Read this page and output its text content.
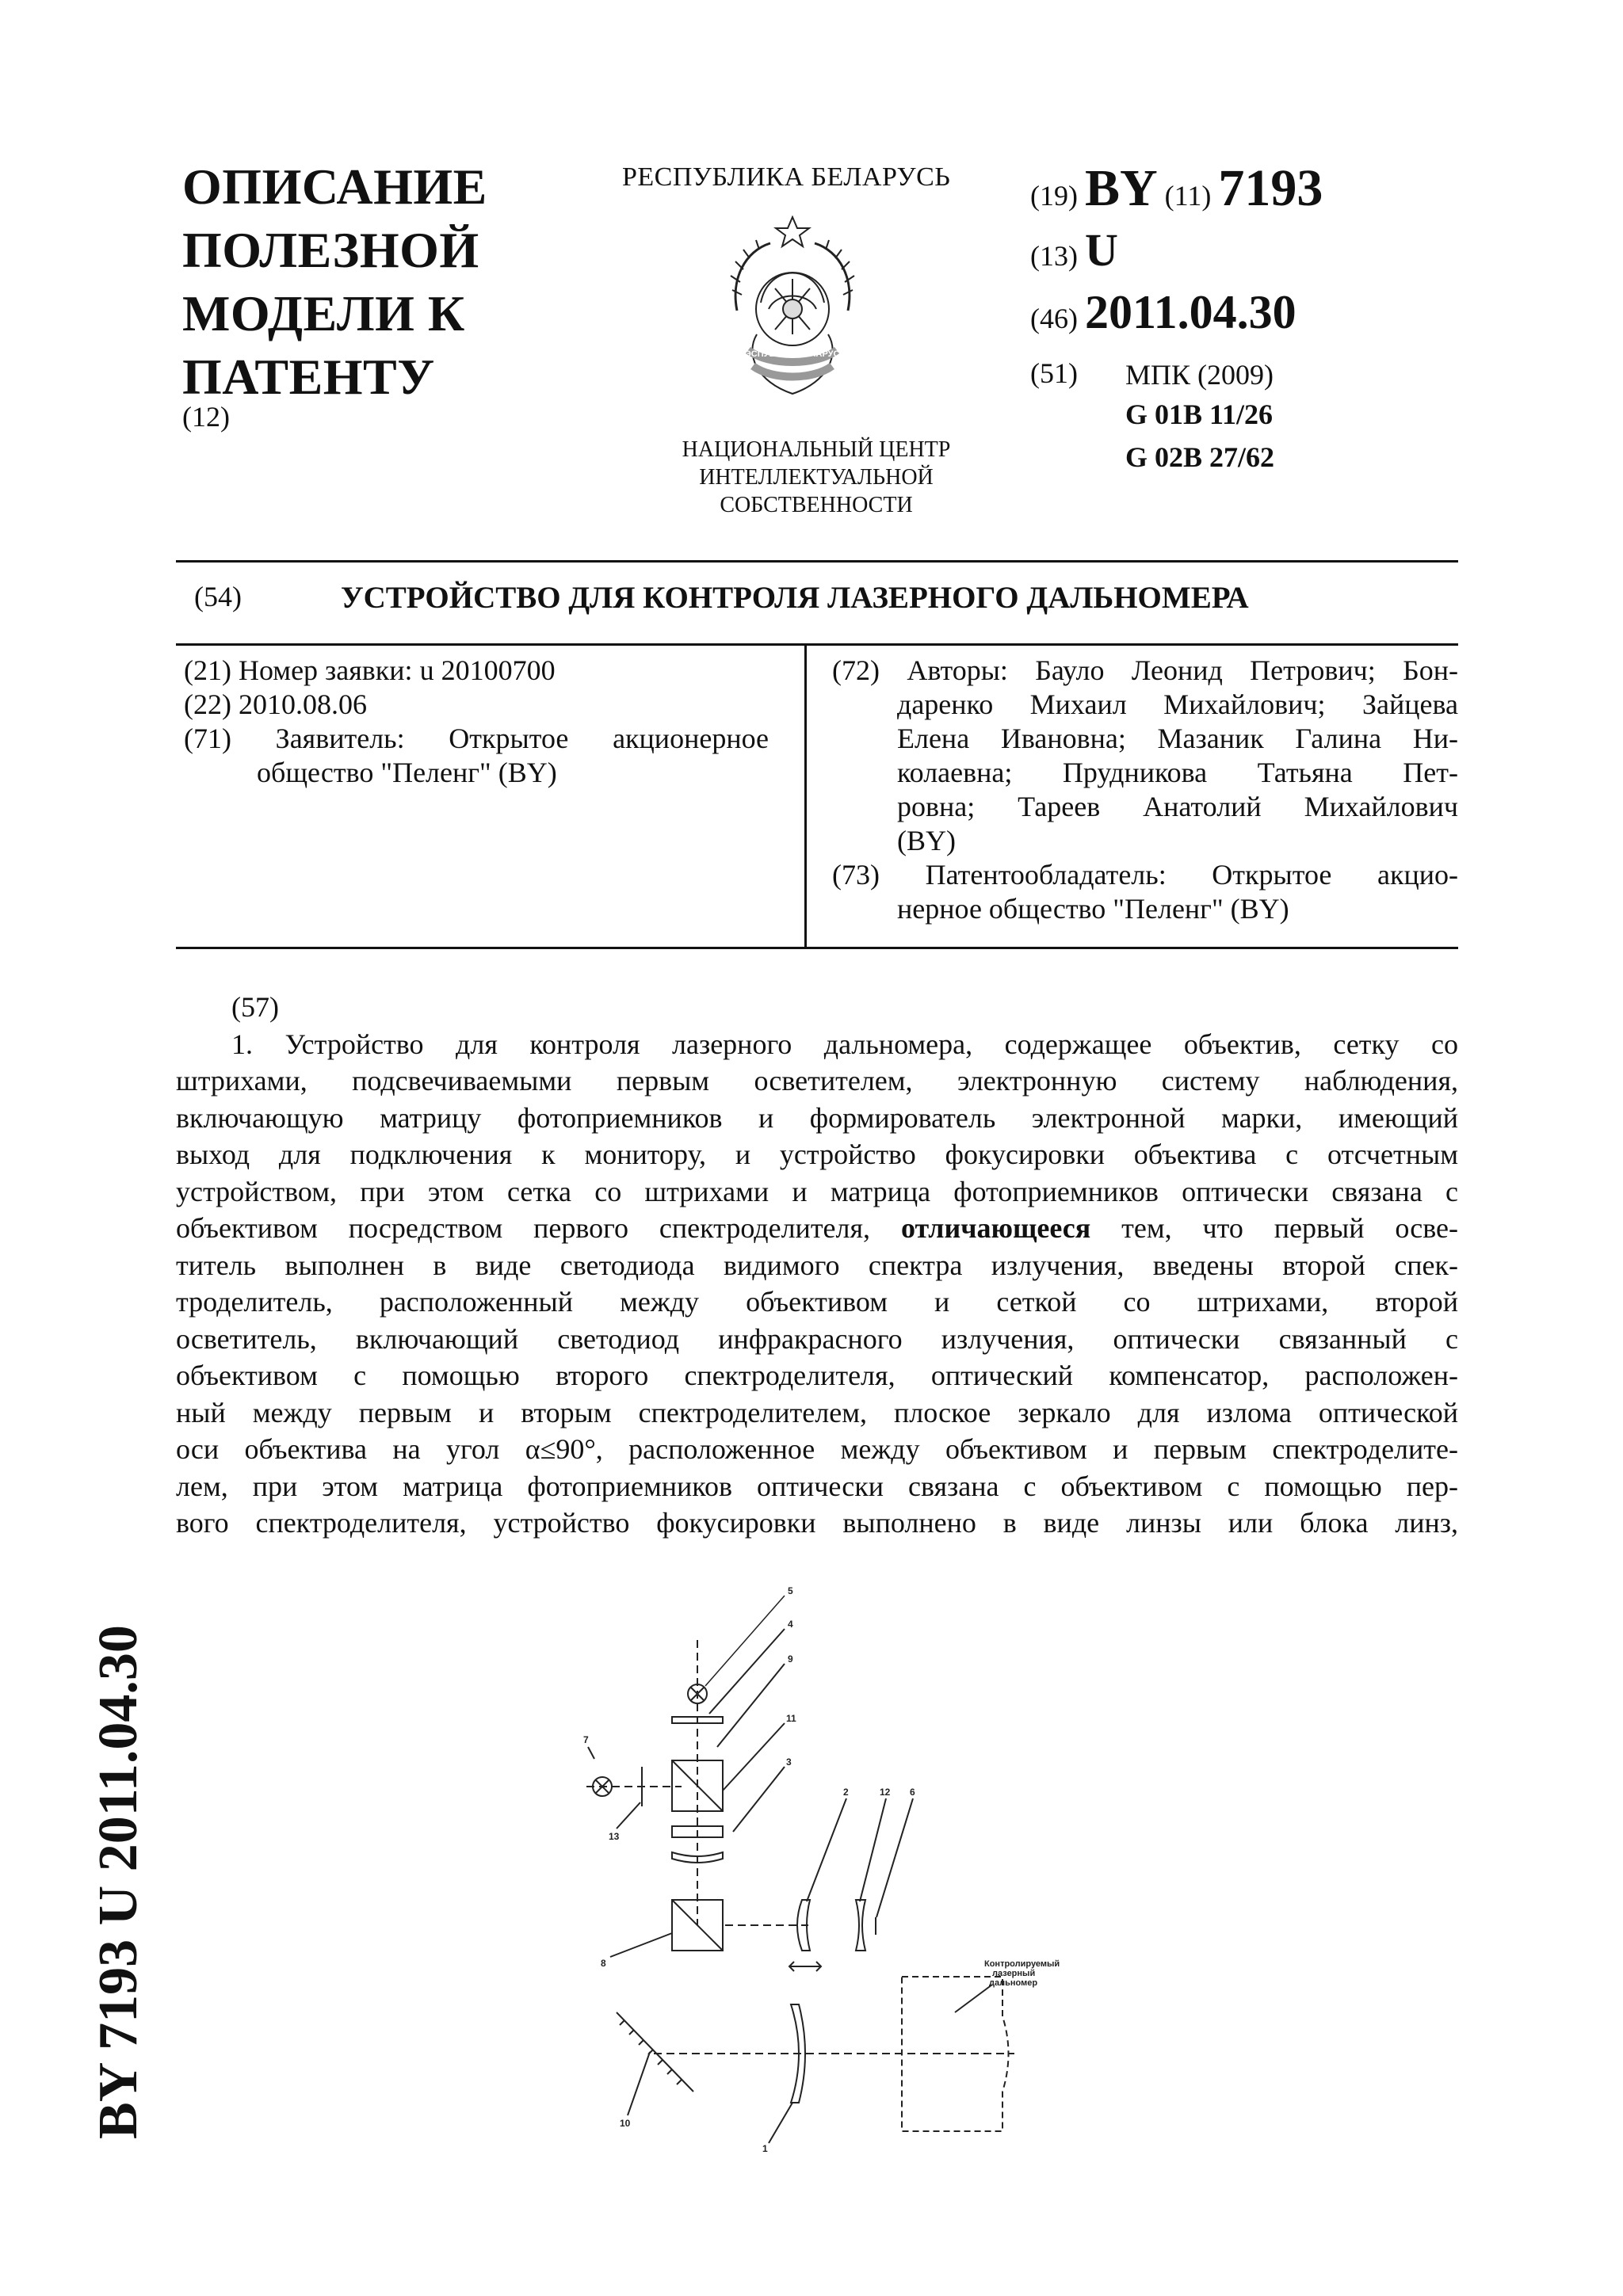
ОПИСАНИЕ
ПОЛЕЗНОЙ
МОДЕЛИ К
ПАТЕНТУ
(12)
РЕСПУБЛИКА БЕЛАРУСЬ
РЭСПУБЛІКА БЕЛАРУСЬ
НАЦИОНАЛЬНЫЙ ЦЕНТР
ИНТЕЛЛЕКТУАЛЬНОЙ
СОБСТВЕННОСТИ
(19) BY (11) 7193
(13) U
(46) 2011.04.30
(51) МПК (2009)
G 01B 11/26
G 02B 27/62
(54)	УСТРОЙСТВО ДЛЯ КОНТРОЛЯ ЛАЗЕРНОГО ДАЛЬНОМЕРА
(21) Номер заявки: u 20100700
(22) 2010.08.06
(71) Заявитель: Открытое акционерное
общество "Пеленг" (BY)
(72) Авторы: Бауло Леонид Петрович; Бон-
даренко Михаил Михайлович; Зайцева
Елена Ивановна; Мазаник Галина Ни-
колаевна; Прудникова Татьяна Пет-
ровна; Тареев Анатолий Михайлович
(BY)
(73) Патентообладатель: Открытое акцио-
нерное общество "Пеленг" (BY)
(57)
1. Устройство для контроля лазерного дальномера, содержащее объектив, сетку со
штрихами, подсвечиваемыми первым осветителем, электронную систему наблюдения,
включающую матрицу фотоприемников и формирователь электронной марки, имеющий
выход для подключения к монитору, и устройство фокусировки объектива с отсчетным
устройством, при этом сетка со штрихами и матрица фотоприемников оптически связана с
объективом посредством первого спектроделителя, отличающееся тем, что первый осве-
титель выполнен в виде светодиода видимого спектра излучения, введены второй спек-
троделитель, расположенный между объективом и сеткой со штрихами, второй
осветитель, включающий светодиод инфракрасного излучения, оптически связанный с
объективом с помощью второго спектроделителя, оптический компенсатор, расположен-
ный между первым и вторым спектроделителем, плоское зеркало для излома оптической
оси объектива на угол α≤90°, расположенное между объективом и первым спектроделите-
лем, при этом матрица фотоприемников оптически связана с объективом с помощью пер-
вого спектроделителя, устройство фокусировки выполнено в виде линзы или блока линз,
BY 7193 U 2011.04.30
5
4
9
11
3
2	12 6
7
13
8
10
1
Контролируемый
лазерный
дальномер
